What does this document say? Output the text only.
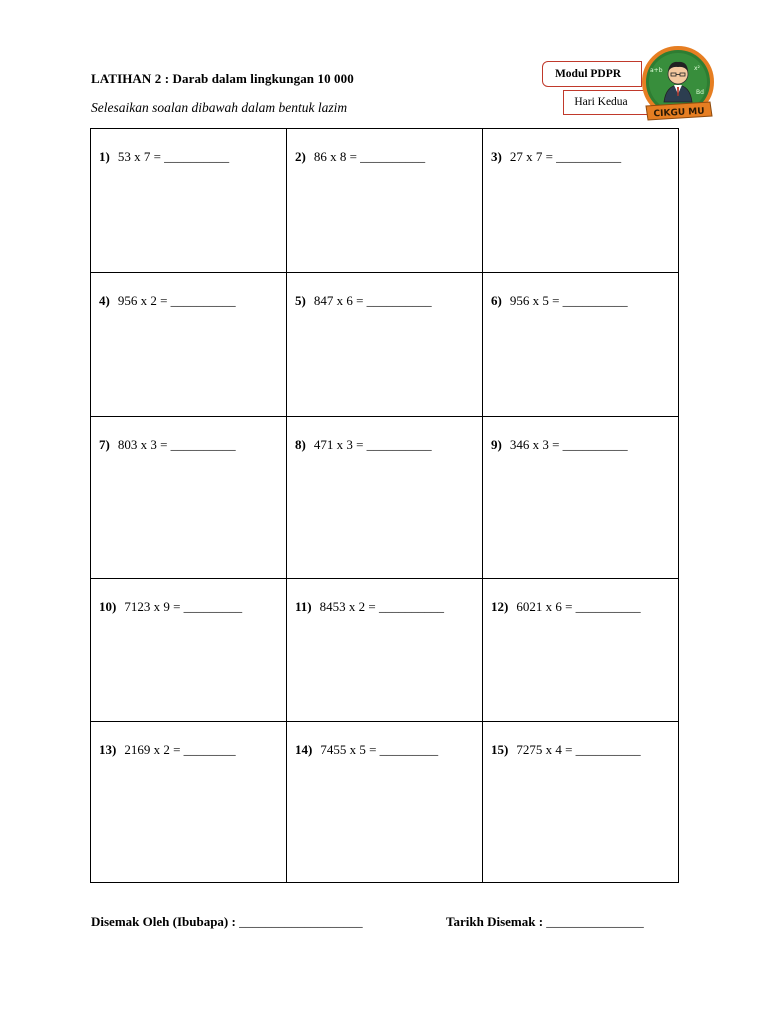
LATIHAN 2 : Darab dalam lingkungan 10 000
Selesaikan soalan dibawah dalam bentuk lazim
Modul PDPR
Hari Kedua
a+b	x²
Bd
CIKGU MU
1) 53 x 7 = __________	2) 86 x 8 = __________	3) 27 x 7 = __________
4) 956 x 2 = __________	5) 847 x 6 = __________	6) 956 x 5 = __________
7) 803 x 3 = __________	8) 471 x 3 = __________	9) 346 x 3 = __________
10) 7123 x 9 = _________	11) 8453 x 2 = __________	12) 6021 x 6 = __________
13) 2169 x 2 = ________	14) 7455 x 5 = _________	15) 7275 x 4 = __________
Disemak Oleh (Ibubapa) : ___________________	Tarikh Disemak : _______________
